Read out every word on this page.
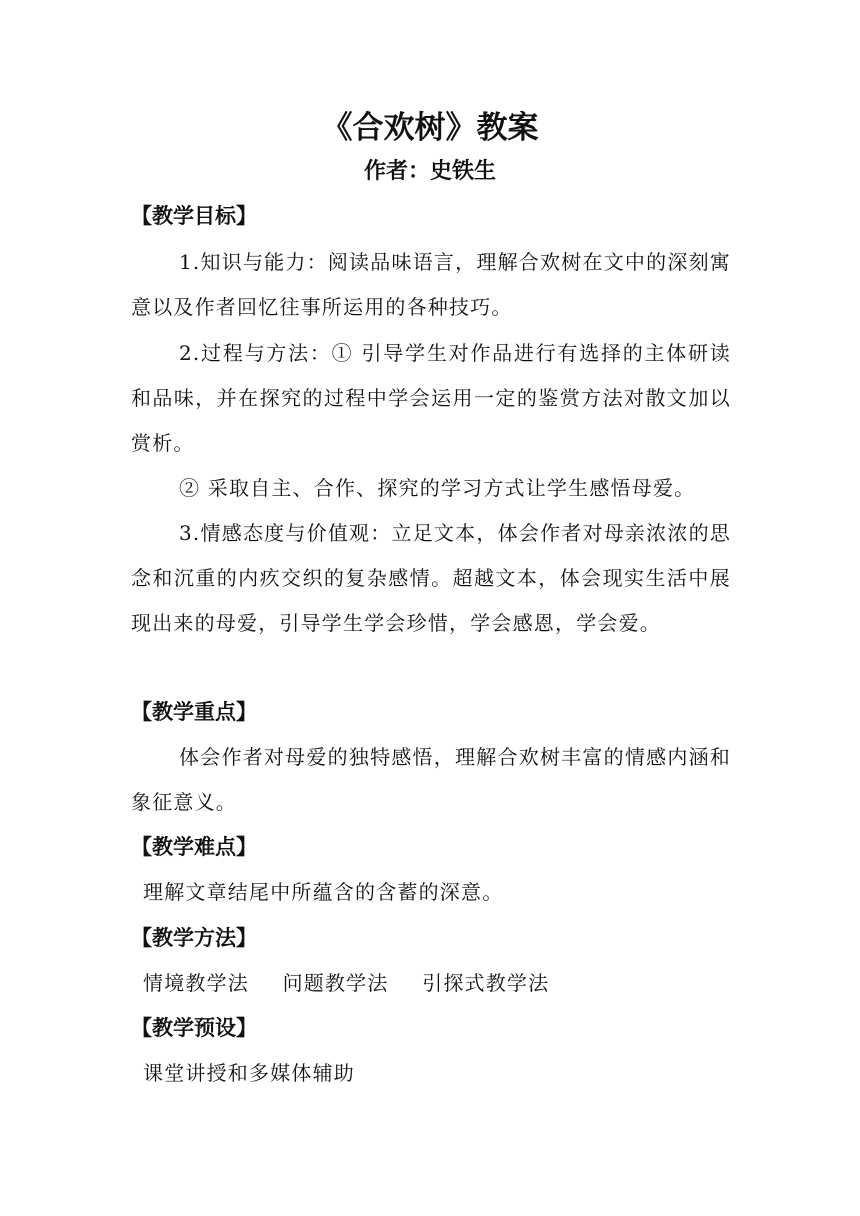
《合欢树》教案
作者：史铁生
【教学目标】
1.知识与能力：阅读品味语言，理解合欢树在文中的深刻寓意以及作者回忆往事所运用的各种技巧。
2.过程与方法：① 引导学生对作品进行有选择的主体研读和品味，并在探究的过程中学会运用一定的鉴赏方法对散文加以赏析。
② 采取自主、合作、探究的学习方式让学生感悟母爱。
3.情感态度与价值观：立足文本，体会作者对母亲浓浓的思念和沉重的内疚交织的复杂感情。超越文本，体会现实生活中展现出来的母爱，引导学生学会珍惜，学会感恩，学会爱。
【教学重点】
体会作者对母爱的独特感悟，理解合欢树丰富的情感内涵和象征意义。
【教学难点】
理解文章结尾中所蕴含的含蓄的深意。
【教学方法】
情境教学法 问题教学法 引探式教学法
【教学预设】
课堂讲授和多媒体辅助
